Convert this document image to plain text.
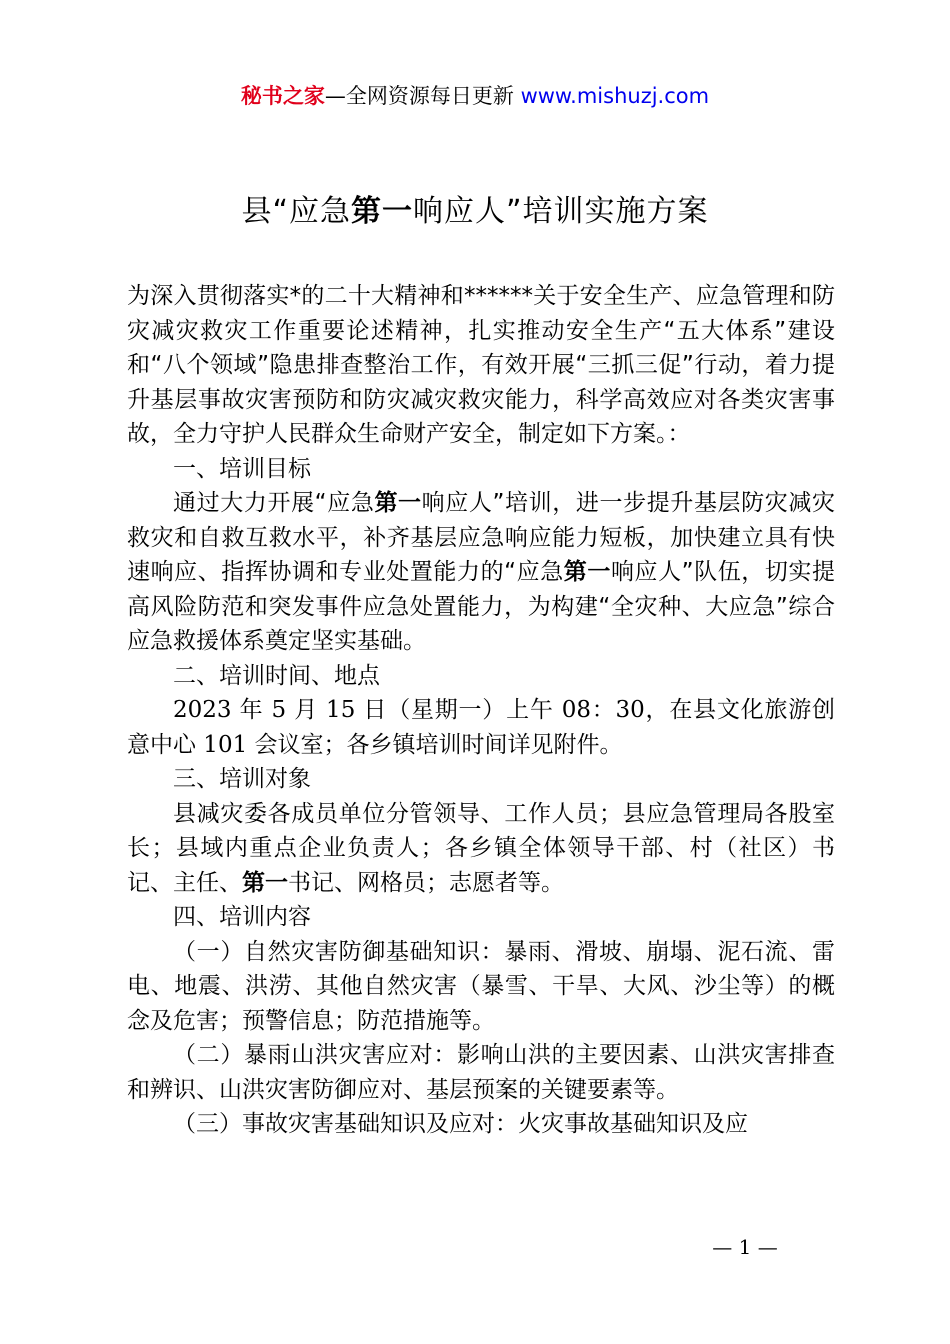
秘书之家—全网资源每日更新 www.mishuzj.com
县“应急第一响应人”培训实施方案

为深入贯彻落实*的二十大精神和******关于安全生产、应急管理和防灾减灾救灾工作重要论述精神，扎实推动安全生产“五大体系”建设和“八个领域”隐患排查整治工作，有效开展“三抓三促”行动，着力提升基层事故灾害预防和防灾减灾救灾能力，科学高效应对各类灾害事故，全力守护人民群众生命财产安全，制定如下方案。：

一、培训目标

通过大力开展“应急第一响应人”培训，进一步提升基层防灾减灾救灾和自救互救水平，补齐基层应急响应能力短板，加快建立具有快速响应、指挥协调和专业处置能力的“应急第一响应人”队伍，切实提高风险防范和突发事件应急处置能力，为构建“全灾种、大应急”综合应急救援体系奠定坚实基础。

二、培训时间、地点

2023 年 5 月 15 日（星期一）上午 08：30，在县文化旅游创意中心 101 会议室；各乡镇培训时间详见附件。

三、培训对象

县减灾委各成员单位分管领导、工作人员；县应急管理局各股室长；县域内重点企业负责人；各乡镇全体领导干部、村（社区）书记、主任、第一书记、网格员；志愿者等。

四、培训内容

（一）自然灾害防御基础知识：暴雨、滑坡、崩塌、泥石流、雷电、地震、洪涝、其他自然灾害（暴雪、干旱、大风、沙尘等）的概念及危害；预警信息；防范措施等。

（二）暴雨山洪灾害应对：影响山洪的主要因素、山洪灾害排查和辨识、山洪灾害防御应对、基层预案的关键要素等。

（三）事故灾害基础知识及应对：火灾事故基础知识及应

— 1 —
